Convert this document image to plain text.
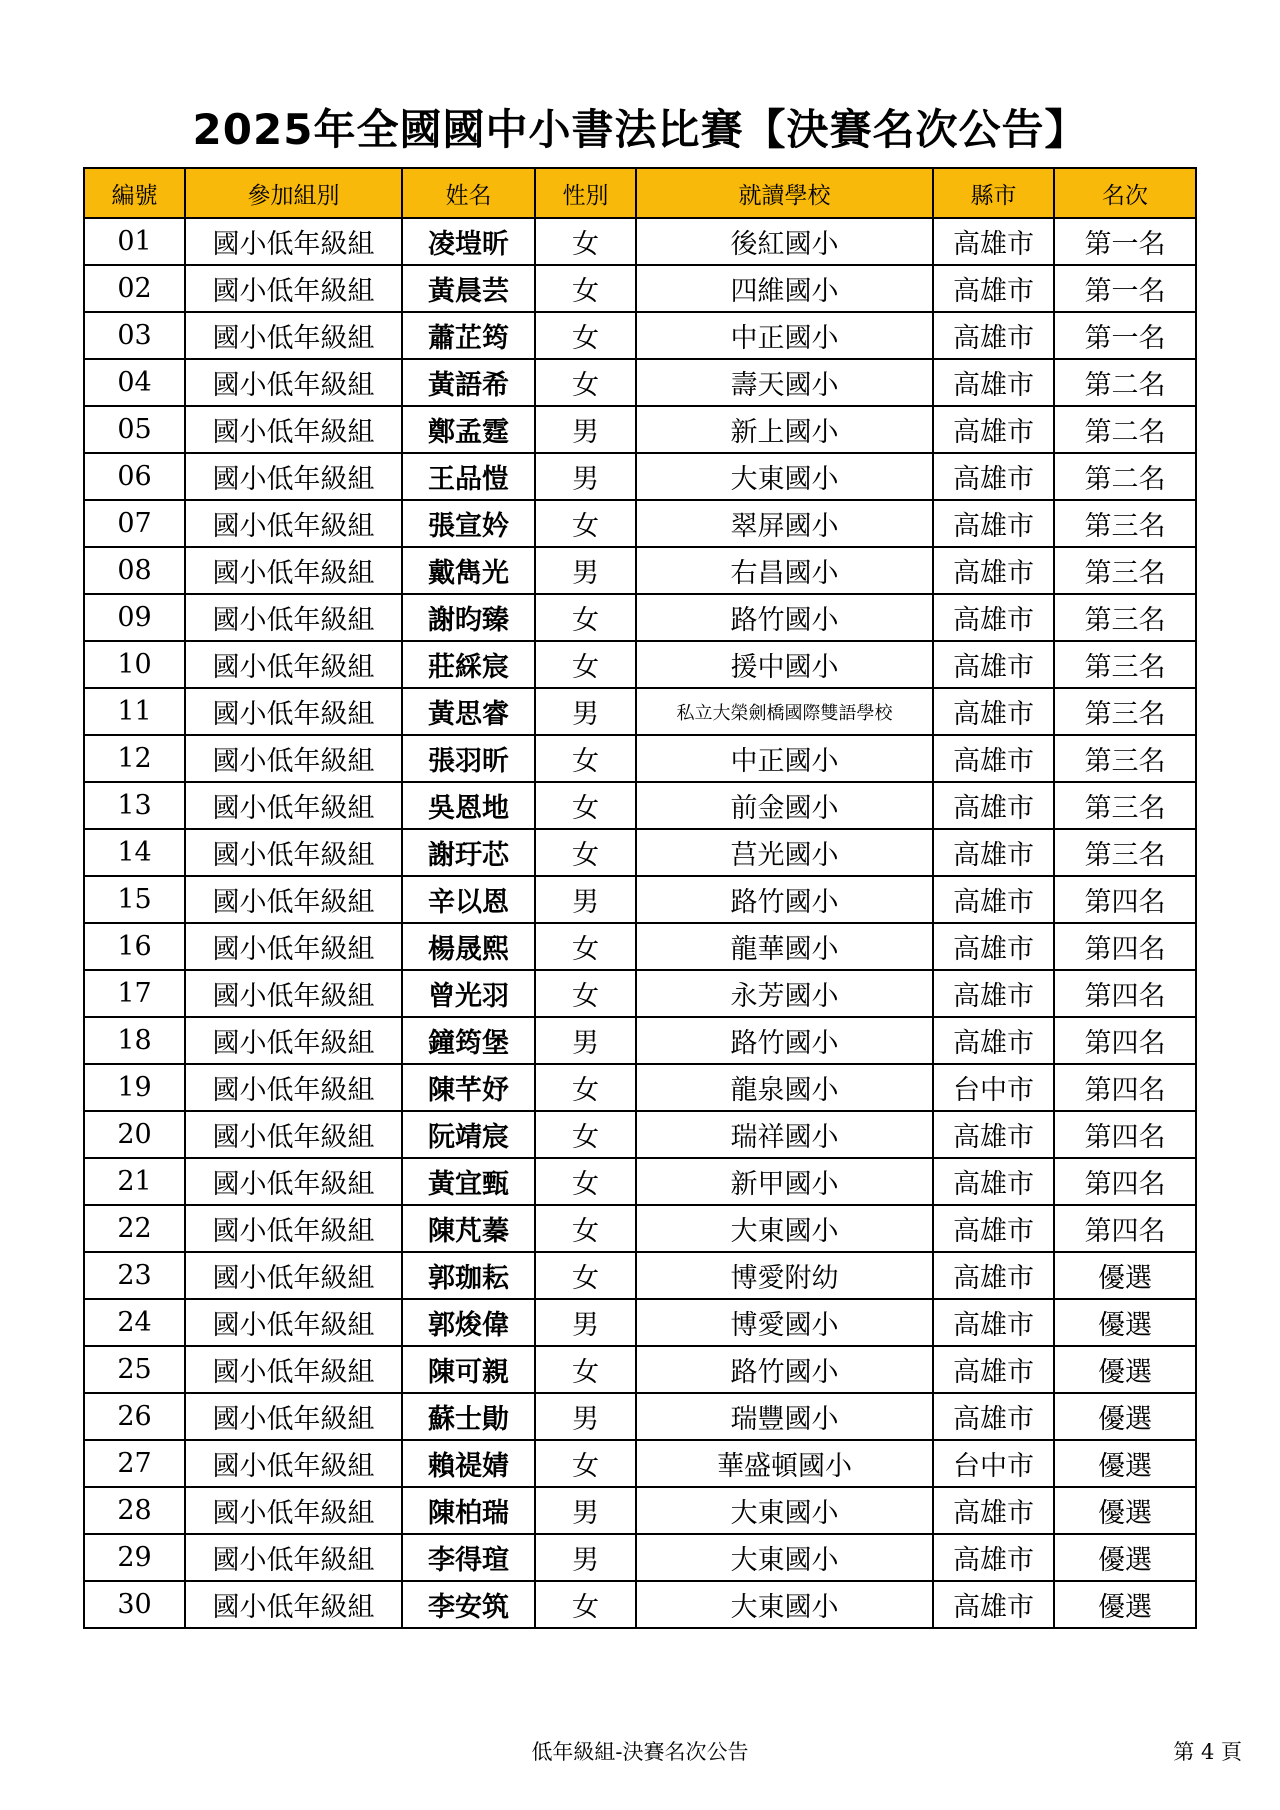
2025年全國國中小書法比賽【決賽名次公告】
編號	參加組別	姓名	性別	就讀學校	縣市	名次
01	國小低年級組	凌塏昕	女	後紅國小	高雄市	第一名
02	國小低年級組	黃晨芸	女	四維國小	高雄市	第一名
03	國小低年級組	蕭芷筠	女	中正國小	高雄市	第一名
04	國小低年級組	黃語希	女	壽天國小	高雄市	第二名
05	國小低年級組	鄭孟霆	男	新上國小	高雄市	第二名
06	國小低年級組	王品愷	男	大東國小	高雄市	第二名
07	國小低年級組	張宣妗	女	翠屏國小	高雄市	第三名
08	國小低年級組	戴雋光	男	右昌國小	高雄市	第三名
09	國小低年級組	謝昀臻	女	路竹國小	高雄市	第三名
10	國小低年級組	莊綵宸	女	援中國小	高雄市	第三名
11	國小低年級組	黃思睿	男	私立大榮劍橋國際雙語學校	高雄市	第三名
12	國小低年級組	張羽昕	女	中正國小	高雄市	第三名
13	國小低年級組	吳恩地	女	前金國小	高雄市	第三名
14	國小低年級組	謝玗芯	女	莒光國小	高雄市	第三名
15	國小低年級組	辛以恩	男	路竹國小	高雄市	第四名
16	國小低年級組	楊晟熙	女	龍華國小	高雄市	第四名
17	國小低年級組	曾光羽	女	永芳國小	高雄市	第四名
18	國小低年級組	鐘筠堡	男	路竹國小	高雄市	第四名
19	國小低年級組	陳芊妤	女	龍泉國小	台中市	第四名
20	國小低年級組	阮靖宸	女	瑞祥國小	高雄市	第四名
21	國小低年級組	黃宜甄	女	新甲國小	高雄市	第四名
22	國小低年級組	陳芃蓁	女	大東國小	高雄市	第四名
23	國小低年級組	郭珈耘	女	博愛附幼	高雄市	優選
24	國小低年級組	郭焌偉	男	博愛國小	高雄市	優選
25	國小低年級組	陳可親	女	路竹國小	高雄市	優選
26	國小低年級組	蘇士勛	男	瑞豐國小	高雄市	優選
27	國小低年級組	賴禔婧	女	華盛頓國小	台中市	優選
28	國小低年級組	陳柏瑞	男	大東國小	高雄市	優選
29	國小低年級組	李得瑄	男	大東國小	高雄市	優選
30	國小低年級組	李安筑	女	大東國小	高雄市	優選
低年級組-決賽名次公告	第 4 頁
